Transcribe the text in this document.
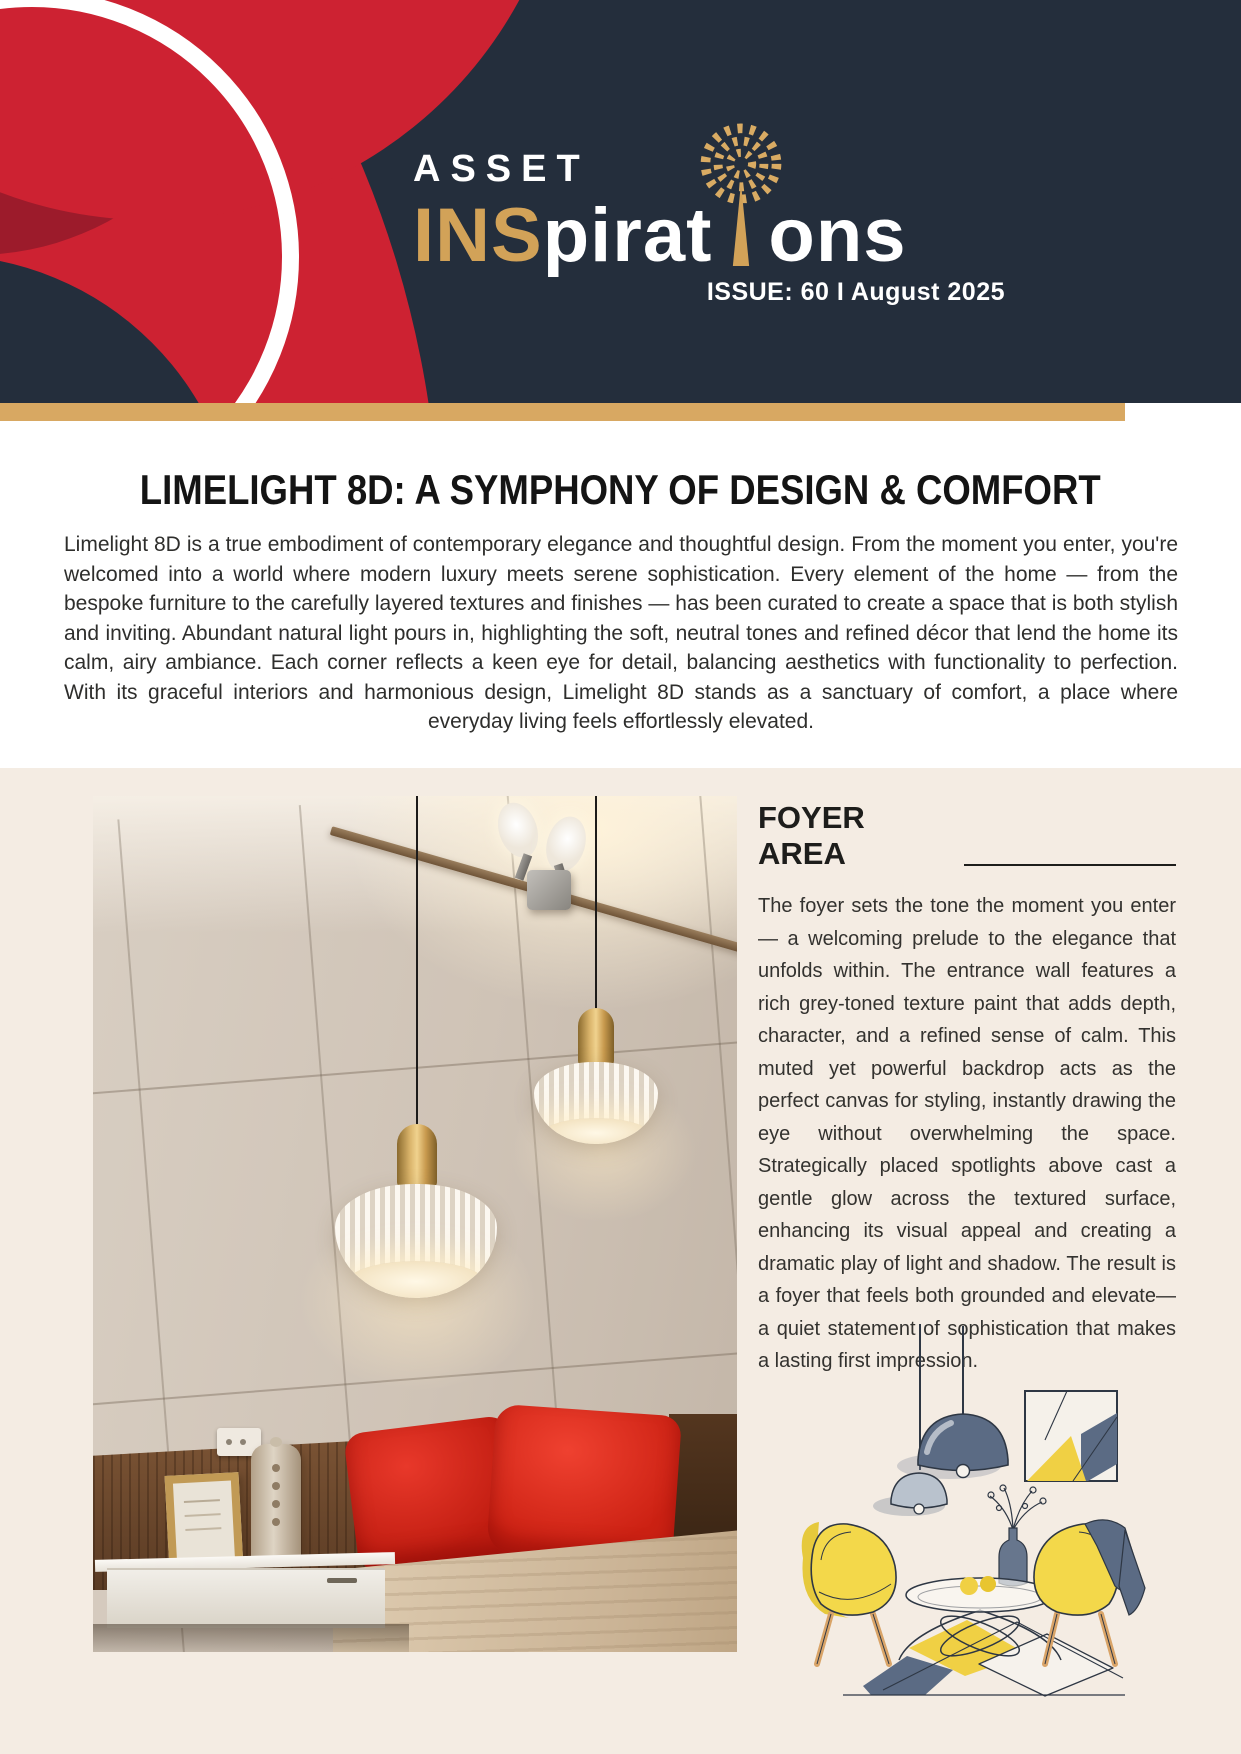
ASSET
INSpirat ons
ISSUE: 60 I August 2025
LIMELIGHT 8D: A SYMPHONY OF DESIGN & COMFORT
Limelight 8D is a true embodiment of contemporary elegance and thoughtful design. From the moment you enter, you're welcomed into a world where modern luxury meets serene sophistication. Every element of the home — from the bespoke furniture to the carefully layered textures and finishes — has been curated to create a space that is both stylish and inviting. Abundant natural light pours in, highlighting the soft, neutral tones and refined décor that lend the home its calm, airy ambiance. Each corner reflects a keen eye for detail, balancing aesthetics with functionality to perfection. With its graceful interiors and harmonious design, Limelight 8D stands as a sanctuary of comfort, a place where everyday living feels effortlessly elevated.
FOYER AREA
The foyer sets the tone the moment you enter — a welcoming prelude to the elegance that unfolds within. The entrance wall features a rich grey-toned texture paint that adds depth, character, and a refined sense of calm. This muted yet powerful backdrop acts as the perfect canvas for styling, instantly drawing the eye without overwhelming the space. Strategically placed spotlights above cast a gentle glow across the textured surface, enhancing its visual appeal and creating a dramatic play of light and shadow. The result is a foyer that feels both grounded and elevate— a quiet statement of sophistication that makes a lasting first impression.
